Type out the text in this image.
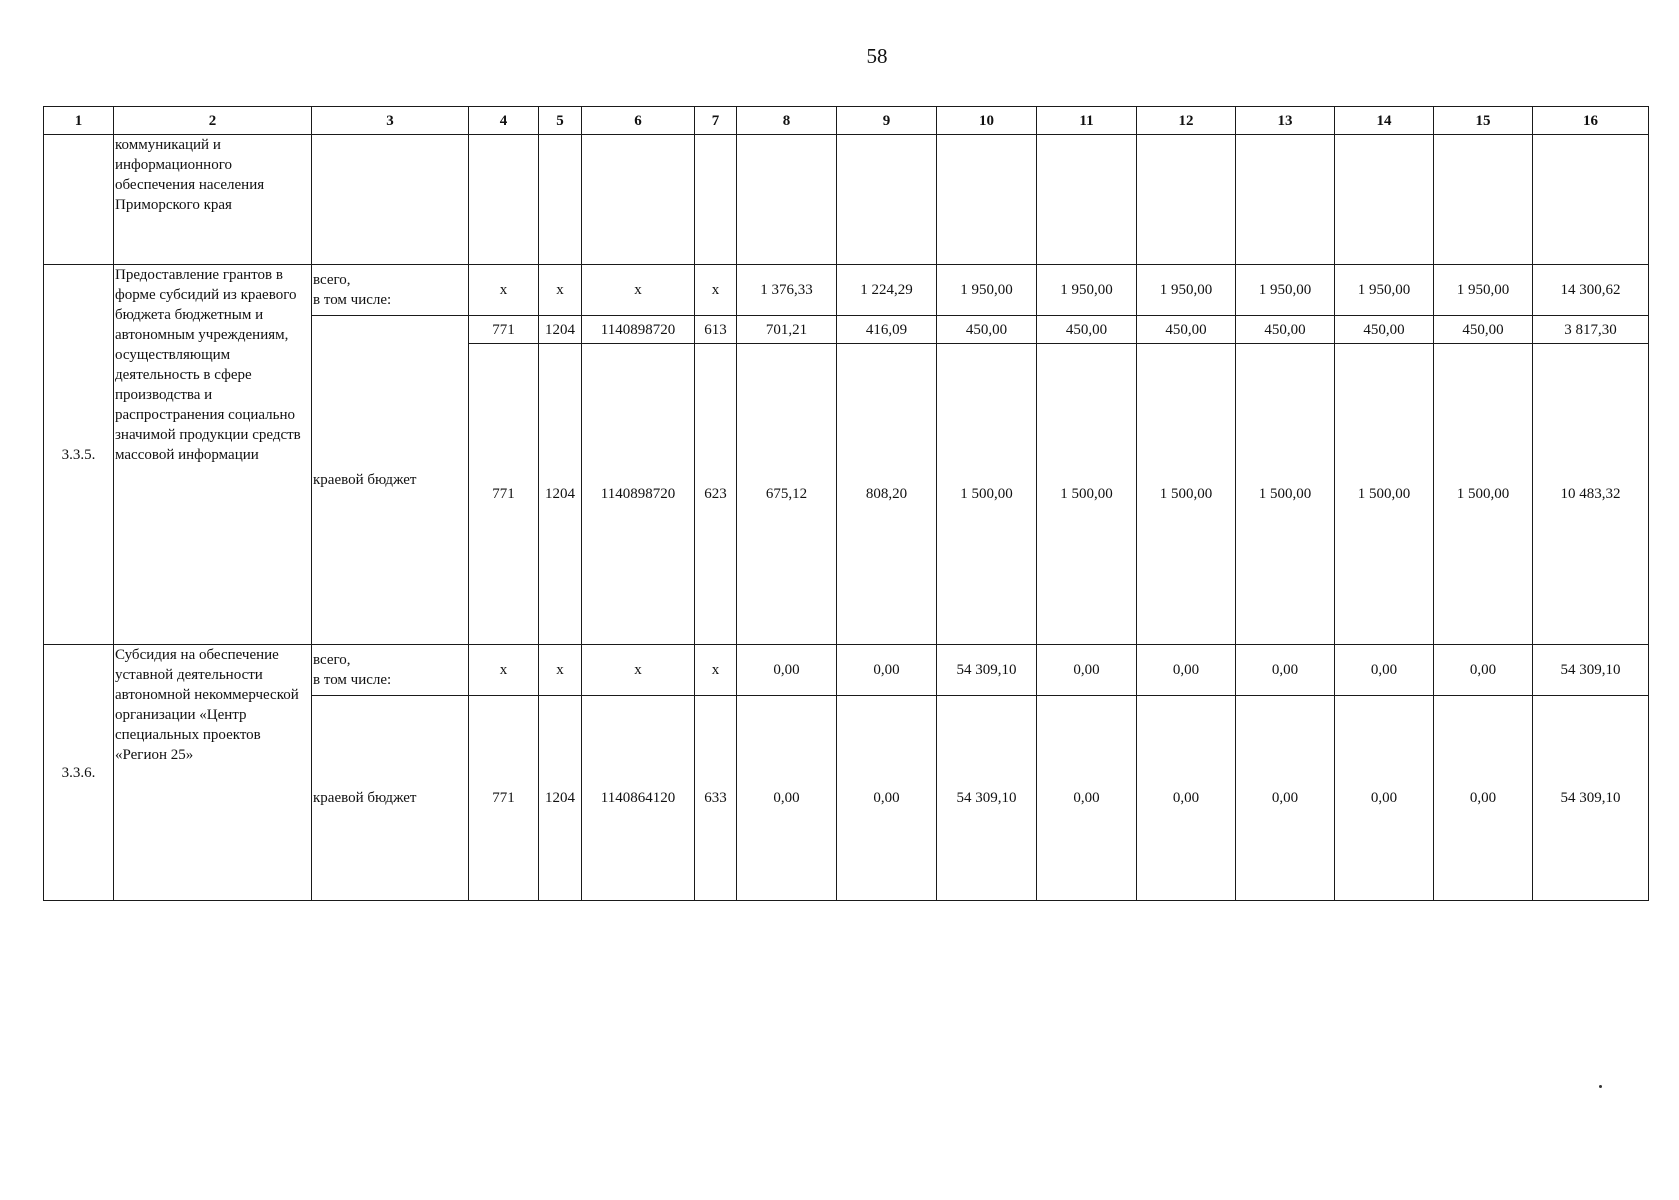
58
1	2	3	4	5	6	7	8	9	10	11	12	13	14	15	16
	коммуникаций и информационного обеспечения населения Приморского края														
3.3.5.	Предоставление грантов в форме субсидий из краевого бюджета бюджетным и автономным учреждениям, осуществляющим деятельность в сфере производства и распространения социально значимой продукции средств массовой информации	всего,
в том числе:	x	x	x	x	1 376,33	1 224,29	1 950,00	1 950,00	1 950,00	1 950,00	1 950,00	1 950,00	14 300,62
		краевой бюджет	771	1204	1140898720	613	701,21	416,09	450,00	450,00	450,00	450,00	450,00	450,00	3 817,30
			771	1204	1140898720	623	675,12	808,20	1 500,00	1 500,00	1 500,00	1 500,00	1 500,00	1 500,00	10 483,32
3.3.6.	Субсидия на обеспечение уставной деятельности автономной некоммерческой организации «Центр специальных проектов «Регион 25»	всего,
в том числе:	x	x	x	x	0,00	0,00	54 309,10	0,00	0,00	0,00	0,00	0,00	54 309,10
		краевой бюджет	771	1204	1140864120	633	0,00	0,00	54 309,10	0,00	0,00	0,00	0,00	0,00	54 309,10
